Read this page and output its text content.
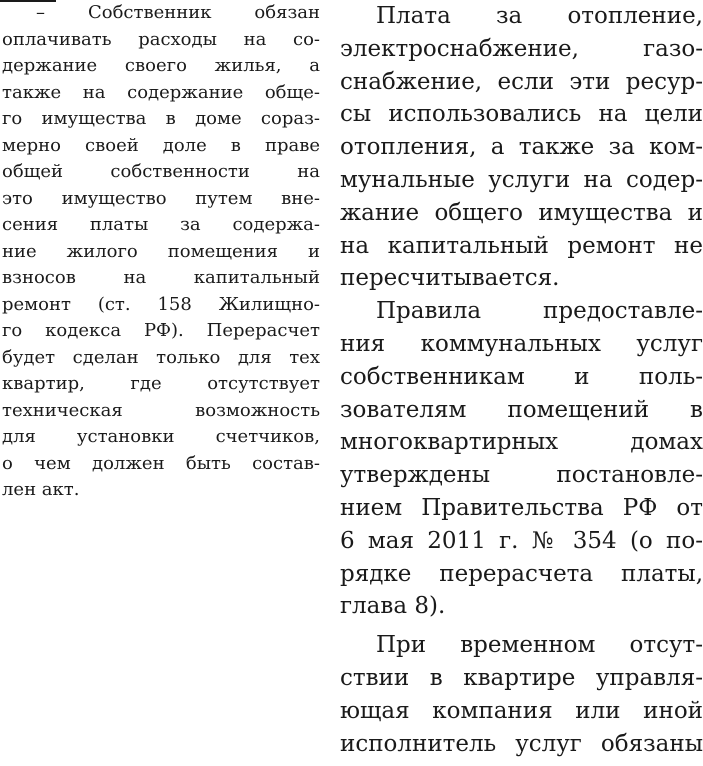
– Собственник обязан
оплачивать расходы на со-
держание своего жилья, а
также на содержание обще-
го имущества в доме сораз-
мерно своей доле в праве
общей собственности на
это имущество путем вне-
сения платы за содержа-
ние жилого помещения и
взносов на капитальный
ремонт (ст. 158 Жилищно-
го кодекса РФ). Перерасчет
будет сделан только для тех
квартир, где отсутствует
техническая возможность
для установки счетчиков,
о чем должен быть состав-
лен акт.
Плата за отопление,
электроснабжение, газо-
снабжение, если эти ресур-
сы использовались на цели
отопления, а также за ком-
мунальные услуги на содер-
жание общего имущества и
на капитальный ремонт не
пересчитывается.
Правила предоставле-
ния коммунальных услуг
собственникам и поль-
зователям помещений в
многоквартирных домах
утверждены постановле-
нием Правительства РФ от
6 мая 2011 г. № 354 (о по-
рядке перерасчета платы,
глава 8).
При временном отсут-
ствии в квартире управля-
ющая компания или иной
исполнитель услуг обязаны
